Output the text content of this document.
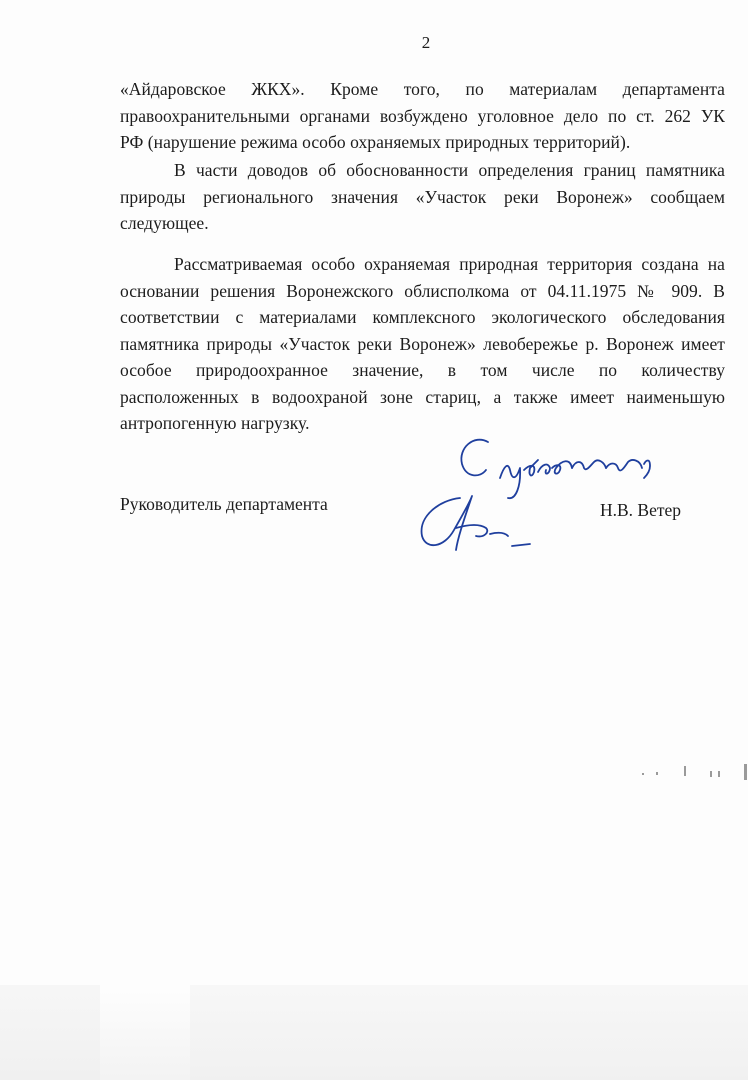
2
«Айдаровское ЖКХ». Кроме того, по материалам департамента
правоохранительными органами возбуждено уголовное дело по ст. 262 УК
РФ (нарушение режима особо охраняемых природных территорий).
В части доводов об обоснованности определения границ памятника
природы регионального значения «Участок реки Воронеж» сообщаем
следующее.
Рассматриваемая особо охраняемая природная территория создана на
основании решения Воронежского облисполкома от 04.11.1975 № 909. В
соответствии с материалами комплексного экологического обследования
памятника природы «Участок реки Воронеж» левобережье р. Воронеж имеет
особое природоохранное значение, в том числе по количеству
расположенных в водоохраной зоне стариц, а также имеет наименьшую
антропогенную нагрузку.
Руководитель департамента	Н.В. Ветер
